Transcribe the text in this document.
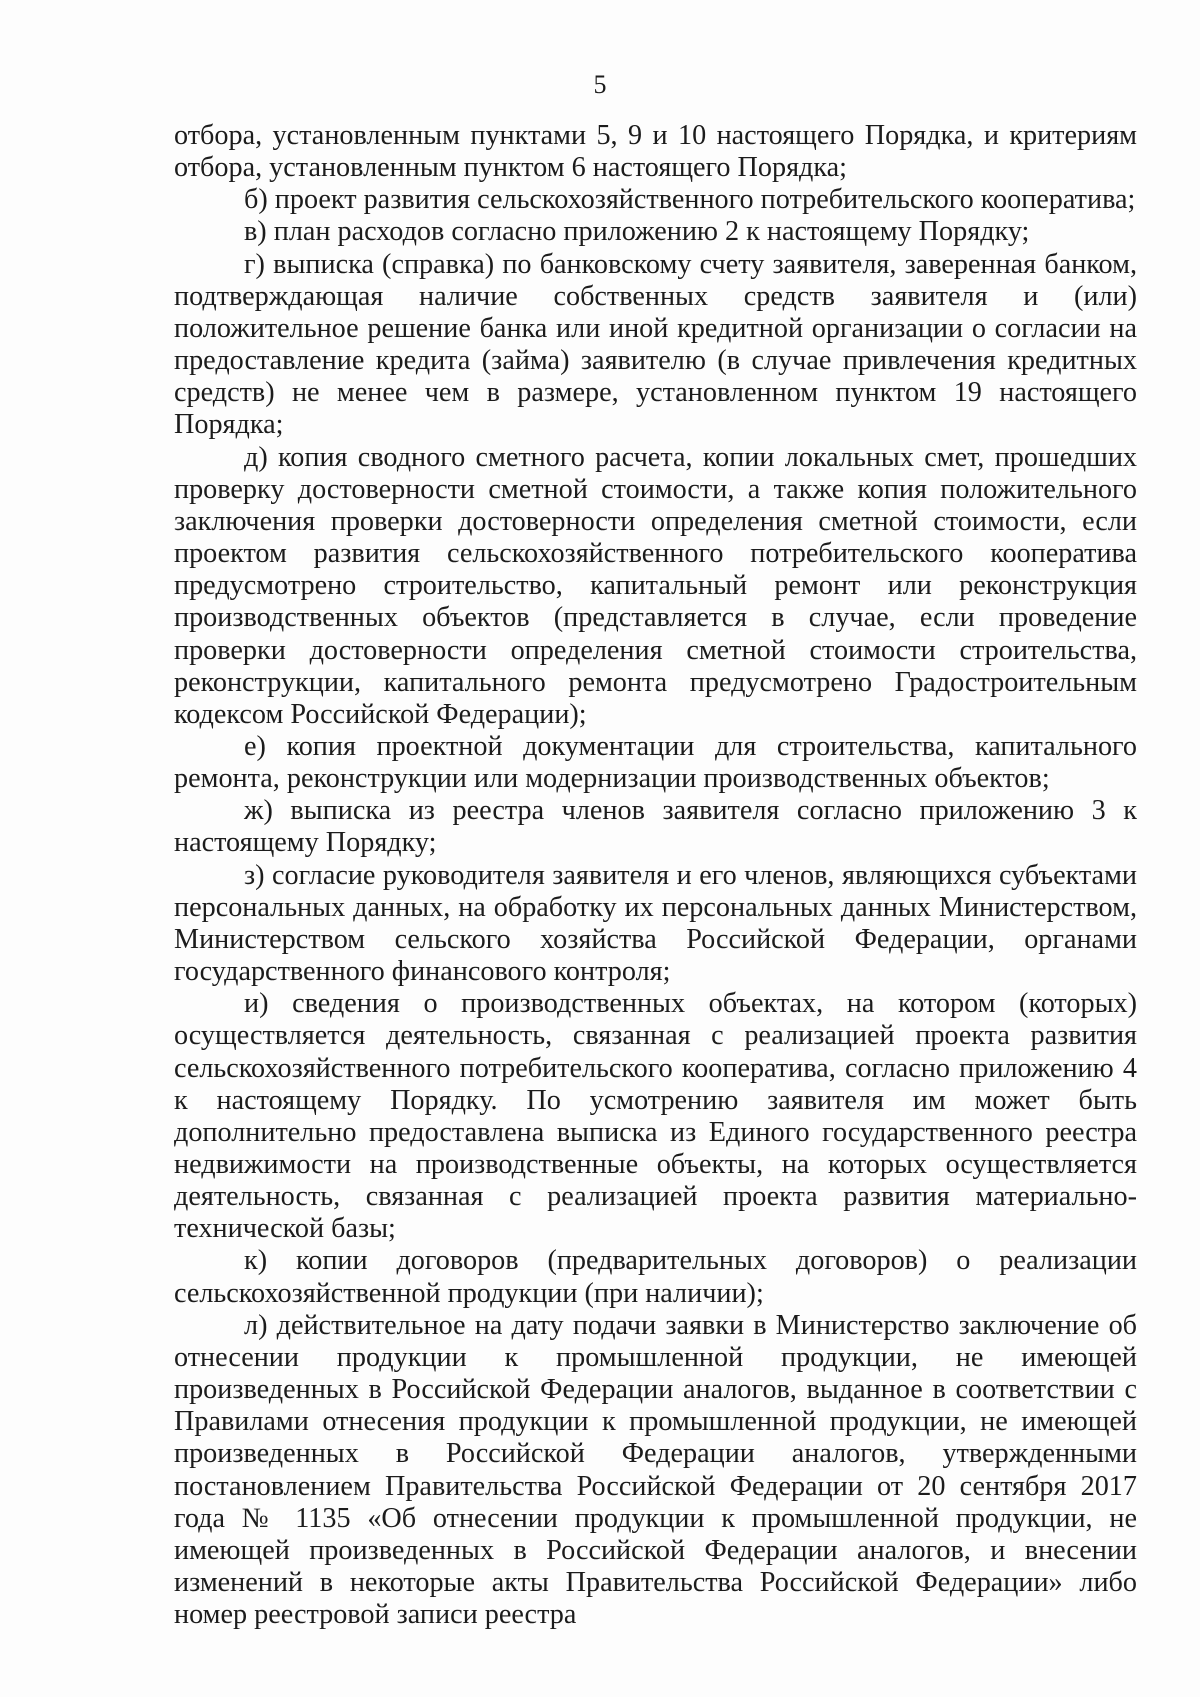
5

отбора, установленным пунктами 5, 9 и 10 настоящего Порядка, и критериям отбора, установленным пунктом 6 настоящего Порядка;

б) проект развития сельскохозяйственного потребительского кооператива;

в) план расходов согласно приложению 2 к настоящему Порядку;

г) выписка (справка) по банковскому счету заявителя, заверенная банком, подтверждающая наличие собственных средств заявителя и (или) положительное решение банка или иной кредитной организации о согласии на предоставление кредита (займа) заявителю (в случае привлечения кредитных средств) не менее чем в размере, установленном пунктом 19 настоящего Порядка;

д) копия сводного сметного расчета, копии локальных смет, прошедших проверку достоверности сметной стоимости, а также копия положительного заключения проверки достоверности определения сметной стоимости, если проектом развития сельскохозяйственного потребительского кооператива предусмотрено строительство, капитальный ремонт или реконструкция производственных объектов (представляется в случае, если проведение проверки достоверности определения сметной стоимости строительства, реконструкции, капитального ремонта предусмотрено Градостроительным кодексом Российской Федерации);

е) копия проектной документации для строительства, капитального ремонта, реконструкции или модернизации производственных объектов;

ж) выписка из реестра членов заявителя согласно приложению 3 к настоящему Порядку;

з) согласие руководителя заявителя и его членов, являющихся субъектами персональных данных, на обработку их персональных данных Министерством, Министерством сельского хозяйства Российской Федерации, органами государственного финансового контроля;

и) сведения о производственных объектах, на котором (которых) осуществляется деятельность, связанная с реализацией проекта развития сельскохозяйственного потребительского кооператива, согласно приложению 4 к настоящему Порядку. По усмотрению заявителя им может быть дополнительно предоставлена выписка из Единого государственного реестра недвижимости на производственные объекты, на которых осуществляется деятельность, связанная с реализацией проекта развития материально-технической базы;

к) копии договоров (предварительных договоров) о реализации сельскохозяйственной продукции (при наличии);

л) действительное на дату подачи заявки в Министерство заключение об отнесении продукции к промышленной продукции, не имеющей произведенных в Российской Федерации аналогов, выданное в соответствии с Правилами отнесения продукции к промышленной продукции, не имеющей произведенных в Российской Федерации аналогов, утвержденными постановлением Правительства Российской Федерации от 20 сентября 2017 года № 1135 «Об отнесении продукции к промышленной продукции, не имеющей произведенных в Российской Федерации аналогов, и внесении изменений в некоторые акты Правительства Российской Федерации» либо номер реестровой записи реестра
